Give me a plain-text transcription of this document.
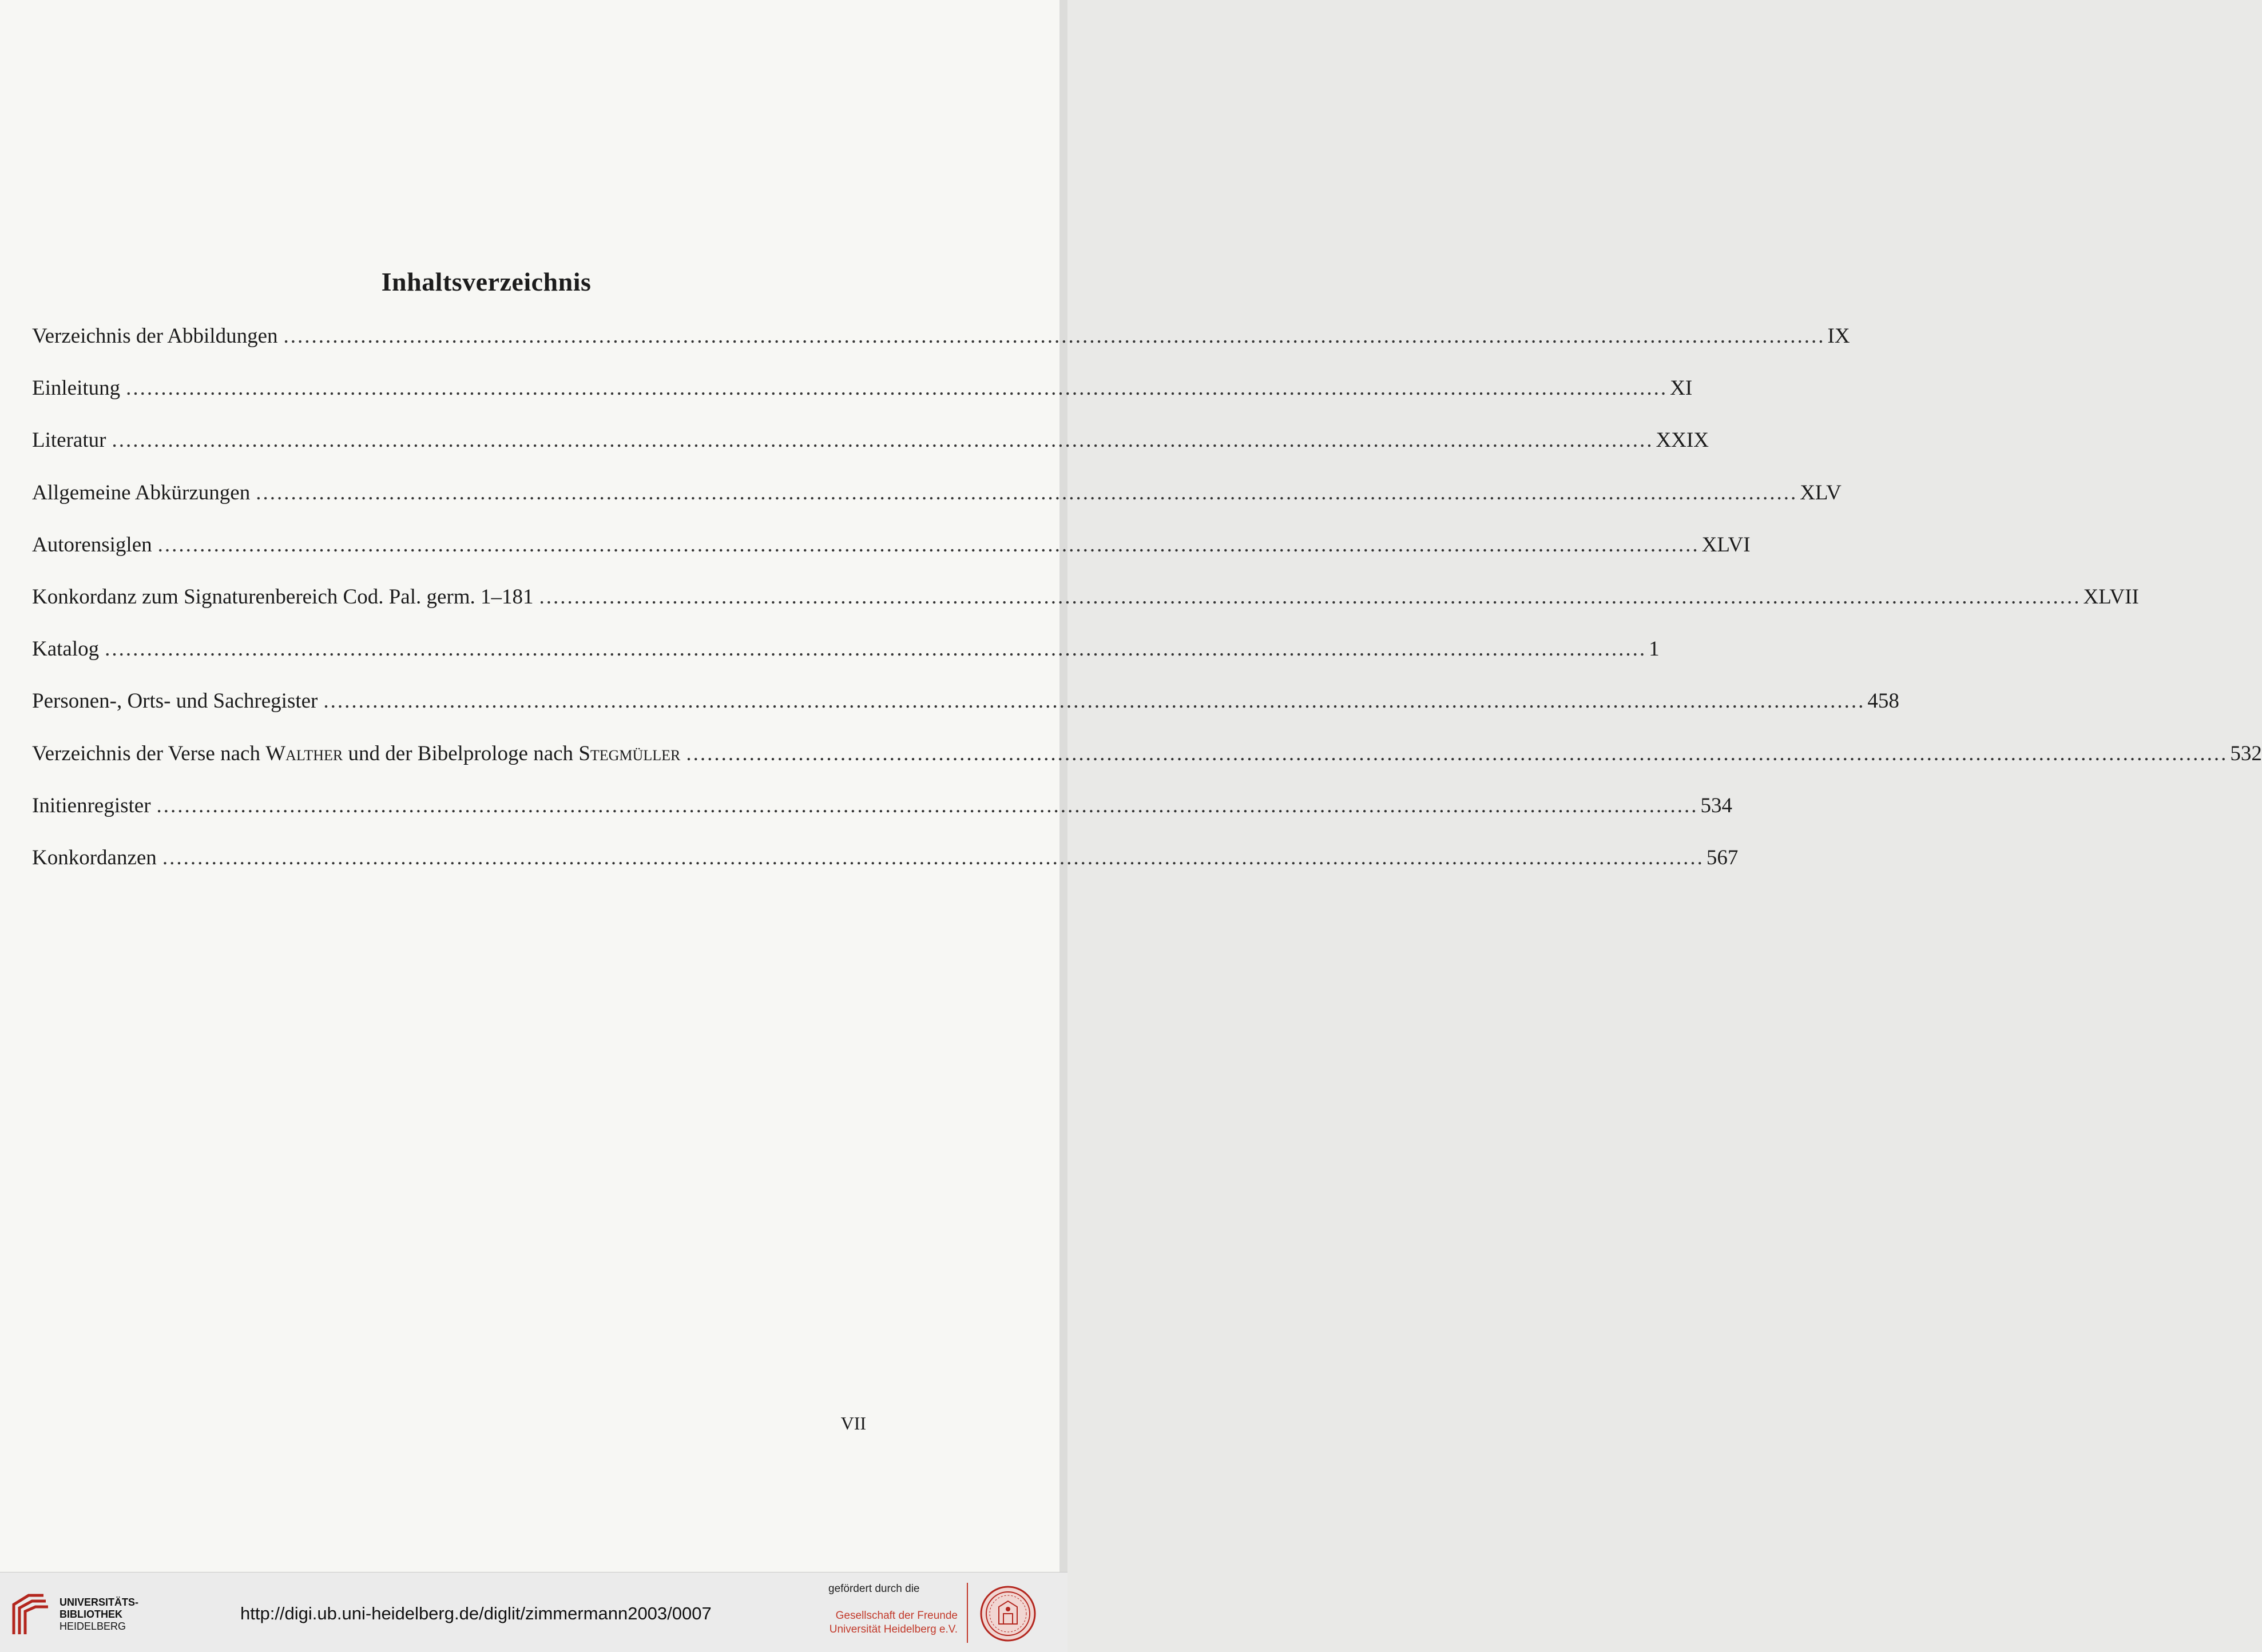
Inhaltsverzeichnis
Verzeichnis der Abbildungen ............................................................................................................................................................................................................................ IX
Einleitung ............................................................................................................................................................................................................................ XI
Literatur ............................................................................................................................................................................................................................ XXIX
Allgemeine Abkürzungen ............................................................................................................................................................................................................................ XLV
Autorensiglen ............................................................................................................................................................................................................................ XLVI
Konkordanz zum Signaturenbereich Cod. Pal. germ. 1–181 ............................................................................................................................................................................................................................ XLVII
Katalog ............................................................................................................................................................................................................................ 1
Personen-, Orts- und Sachregister ............................................................................................................................................................................................................................ 458
Verzeichnis der Verse nach Walther und der Bibelprologe nach Stegmüller ............................................................................................................................................................................................................................ 532
Initienregister ............................................................................................................................................................................................................................ 534
Konkordanzen ............................................................................................................................................................................................................................ 567
VII
UNIVERSITÄTS-
BIBLIOTHEK
HEIDELBERG
http://digi.ub.uni-heidelberg.de/diglit/zimmermann2003/0007
gefördert durch die
Gesellschaft der Freunde
Universität Heidelberg e.V.
